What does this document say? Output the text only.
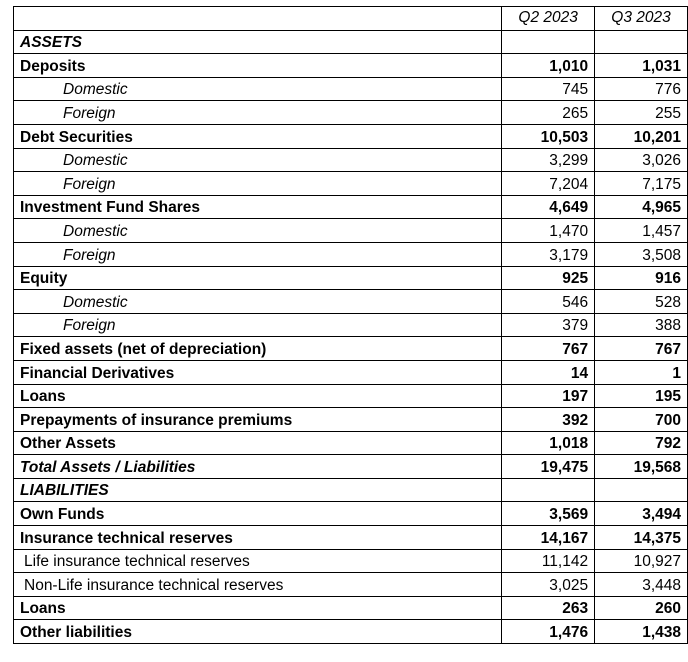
	Q2 2023	Q3 2023
ASSETS		
Deposits	1,010	1,031
Domestic	745	776
Foreign	265	255
Debt Securities	10,503	10,201
Domestic	3,299	3,026
Foreign	7,204	7,175
Investment Fund Shares	4,649	4,965
Domestic	1,470	1,457
Foreign	3,179	3,508
Equity	925	916
Domestic	546	528
Foreign	379	388
Fixed assets (net of depreciation)	767	767
Financial Derivatives	14	1
Loans	197	195
Prepayments of insurance premiums	392	700
Other Assets	1,018	792
Total Assets / Liabilities	19,475	19,568
LIABILITIES		
Own Funds	3,569	3,494
Insurance technical reserves	14,167	14,375
Life insurance technical reserves	11,142	10,927
Non-Life insurance technical reserves	3,025	3,448
Loans	263	260
Other liabilities	1,476	1,438
